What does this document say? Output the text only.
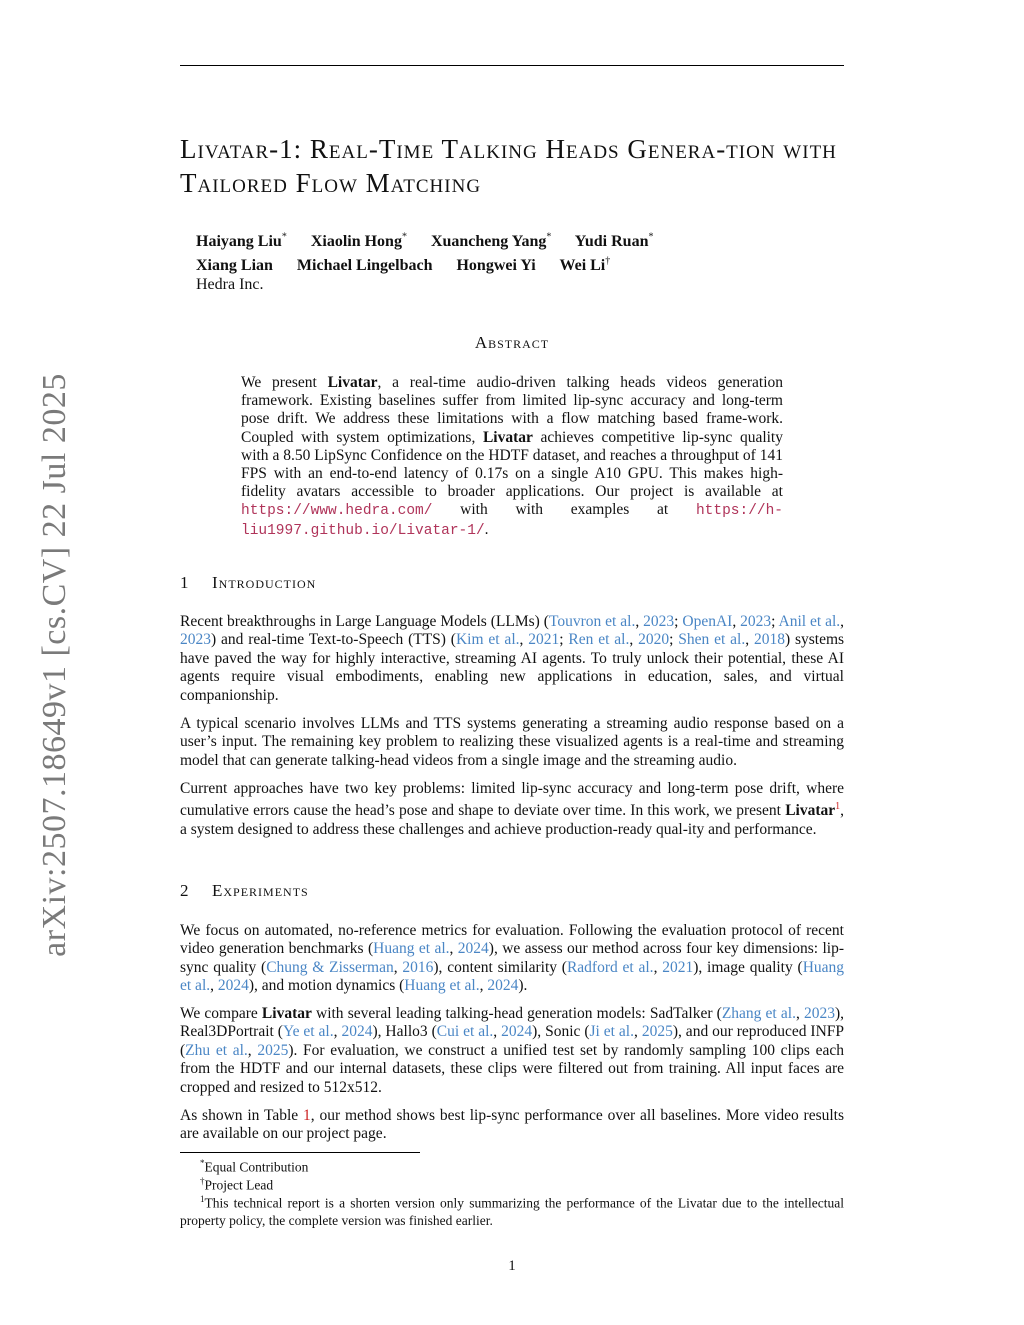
arXiv:2507.18649v1 [cs.CV] 22 Jul 2025
Livatar-1: Real-Time Talking Heads Genera-tion with Tailored Flow Matching
Haiyang Liu* Xiaolin Hong* Xuancheng Yang* Yudi Ruan*
Xiang Lian Michael Lingelbach Hongwei Yi Wei Li†
Hedra Inc.
Abstract
We present Livatar, a real-time audio-driven talking heads videos generation framework. Existing baselines suffer from limited lip-sync accuracy and long-term pose drift. We address these limitations with a flow matching based frame-work. Coupled with system optimizations, Livatar achieves competitive lip-sync quality with a 8.50 LipSync Confidence on the HDTF dataset, and reaches a throughput of 141 FPS with an end-to-end latency of 0.17s on a single A10 GPU. This makes high-fidelity avatars accessible to broader applications. Our project is available at https://www.hedra.com/ with with examples at https://h-liu1997.github.io/Livatar-1/.
1 Introduction

Recent breakthroughs in Large Language Models (LLMs) (Touvron et al., 2023; OpenAI, 2023; Anil et al., 2023) and real-time Text-to-Speech (TTS) (Kim et al., 2021; Ren et al., 2020; Shen et al., 2018) systems have paved the way for highly interactive, streaming AI agents. To truly unlock their potential, these AI agents require visual embodiments, enabling new applications in education, sales, and virtual companionship.

A typical scenario involves LLMs and TTS systems generating a streaming audio response based on a user’s input. The remaining key problem to realizing these visualized agents is a real-time and streaming model that can generate talking-head videos from a single image and the streaming audio.

Current approaches have two key problems: limited lip-sync accuracy and long-term pose drift, where cumulative errors cause the head’s pose and shape to deviate over time. In this work, we present Livatar$^1$, a system designed to address these challenges and achieve production-ready qual-ity and performance.

2 Experiments

We focus on automated, no-reference metrics for evaluation. Following the evaluation protocol of recent video generation benchmarks (Huang et al., 2024), we assess our method across four key dimensions: lip-sync quality (Chung & Zisserman, 2016), content similarity (Radford et al., 2021), image quality (Huang et al., 2024), and motion dynamics (Huang et al., 2024).

We compare Livatar with several leading talking-head generation models: SadTalker (Zhang et al., 2023), Real3DPortrait (Ye et al., 2024), Hallo3 (Cui et al., 2024), Sonic (Ji et al., 2025), and our reproduced INFP (Zhu et al., 2025). For evaluation, we construct a unified test set by randomly sampling 100 clips each from the HDTF and our internal datasets, these clips were filtered out from training. All input faces are cropped and resized to 512x512.

As shown in Table 1, our method shows best lip-sync performance over all baselines. More video results are available on our project page.

*Equal Contribution
†Project Lead
$^1$This technical report is a shorten version only summarizing the performance of the Livatar due to the intellectual property policy, the complete version was finished earlier.
1
